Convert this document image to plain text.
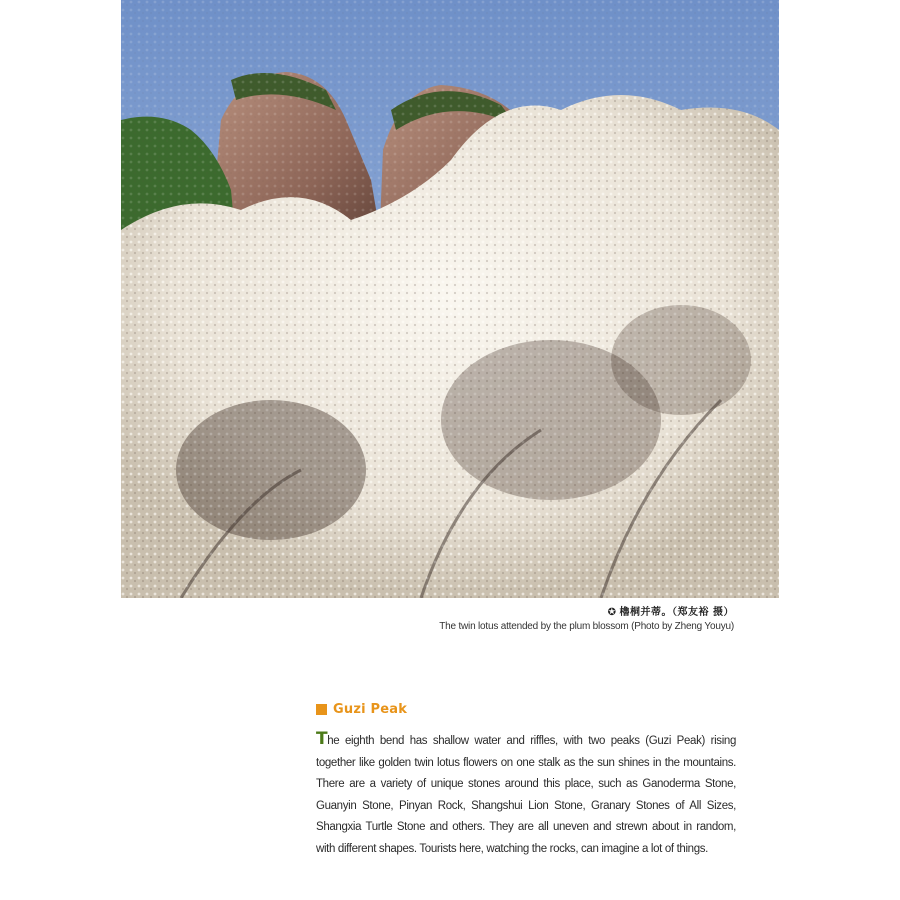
✪ 櫓桐并蒂。（郑友裕 摄）
The twin lotus attended by the plum blossom (Photo by Zheng Youyu)
Guzi Peak
The eighth bend has shallow water and riffles, with two peaks (Guzi Peak) rising together like golden twin lotus flowers on one stalk as the sun shines in the mountains. There are a variety of unique stones around this place, such as Ganoderma Stone, Guanyin Stone, Pinyan Rock, Shangshui Lion Stone, Granary Stones of All Sizes, Shangxia Turtle Stone and others. They are all uneven and strewn about in random, with different shapes. Tourists here, watching the rocks, can imagine a lot of things.
